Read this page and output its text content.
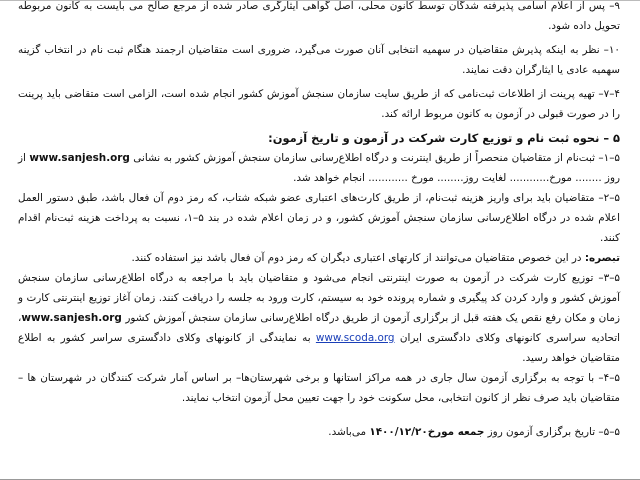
۹– پس از اعلام اسامی پذیرفته شدگان توسط کانون محلی، اصل گواهی ایثارگری صادر شده از مرجع صالح می بایست به کانون مربوطه تحویل داده شود.

۱۰– نظر به اینکه پذیرش متقاضیان در سهمیه انتخابی آنان صورت می‌گیرد، ضروری است متقاضیان ارجمند هنگام ثبت نام در انتخاب گزینه سهمیه عادی یا ایثارگران دقت نمایند.

۴–۷– تهیه پرینت از اطلاعات ثبت‌نامی که از طریق سایت سازمان سنجش آموزش کشور انجام شده است، الزامی است متقاضی باید پرینت را در صورت قبولی در آزمون به کانون مربوط ارائه کند.

۵ – نحوه ثبت نام و توزیع کارت شرکت در آزمون و تاریخ آزمون:

۵–۱– ثبت‌نام از متقاضیان منحصراً از طریق اینترنت و درگاه اطلاع‌رسانی سازمان سنجش آموزش کشور به نشانی www.sanjesh.org از روز ........ مورخ............ لغایت روز........ مورخ ............ انجام خواهد شد.

۵–۲– متقاضیان باید برای واریز هزینه ثبت‌نام، از طریق کارت‌های اعتباری عضو شبکه شتاب، که رمز دوم آن فعال باشد، طبق دستور العمل اعلام شده در درگاه اطلاع‌رسانی سازمان سنجش آموزش کشور، و در زمان اعلام شده در بند ۵–۱، نسبت به پرداخت هزینه ثبت‌نام اقدام کنند.

تبصره: در این خصوص متقاضیان می‌توانند از کارتهای اعتباری دیگران که رمز دوم آن فعال باشد نیز استفاده کنند.

۵–۳– توزیع کارت شرکت در آزمون به صورت اینترنتی انجام می‌شود و متقاضیان باید با مراجعه به درگاه اطلاع‌رسانی سازمان سنجش آموزش کشور و وارد کردن کد پیگیری و شماره پرونده خود به سیستم، کارت ورود به جلسه را دریافت کنند. زمان آغاز توزیع اینترنتی کارت و زمان و مکان رفع نقص یک هفته قبل از برگزاری آزمون از طریق درگاه اطلاع‌رسانی سازمان سنجش آموزش کشور www.sanjesh.org، اتحادیه سراسری کانونهای وکلای دادگستری ایران www.scoda.org به نمایندگی از کانونهای وکلای دادگستری سراسر کشور به اطلاع متقاضیان خواهد رسید.

۵–۴– با توجه به برگزاری آزمون سال جاری در همه مراکز استانها و برخی شهرستان‌ها– بر اساس آمار شرکت کنندگان در شهرستان ها – متقاضیان باید صرف نظر از کانون انتخابی، محل سکونت خود را جهت تعیین محل آزمون انتخاب نمایند.

۵–۵– تاریخ برگزاری آزمون روز جمعه مورخ۱۴۰۰/۱۲/۲۰ می‌باشد.
